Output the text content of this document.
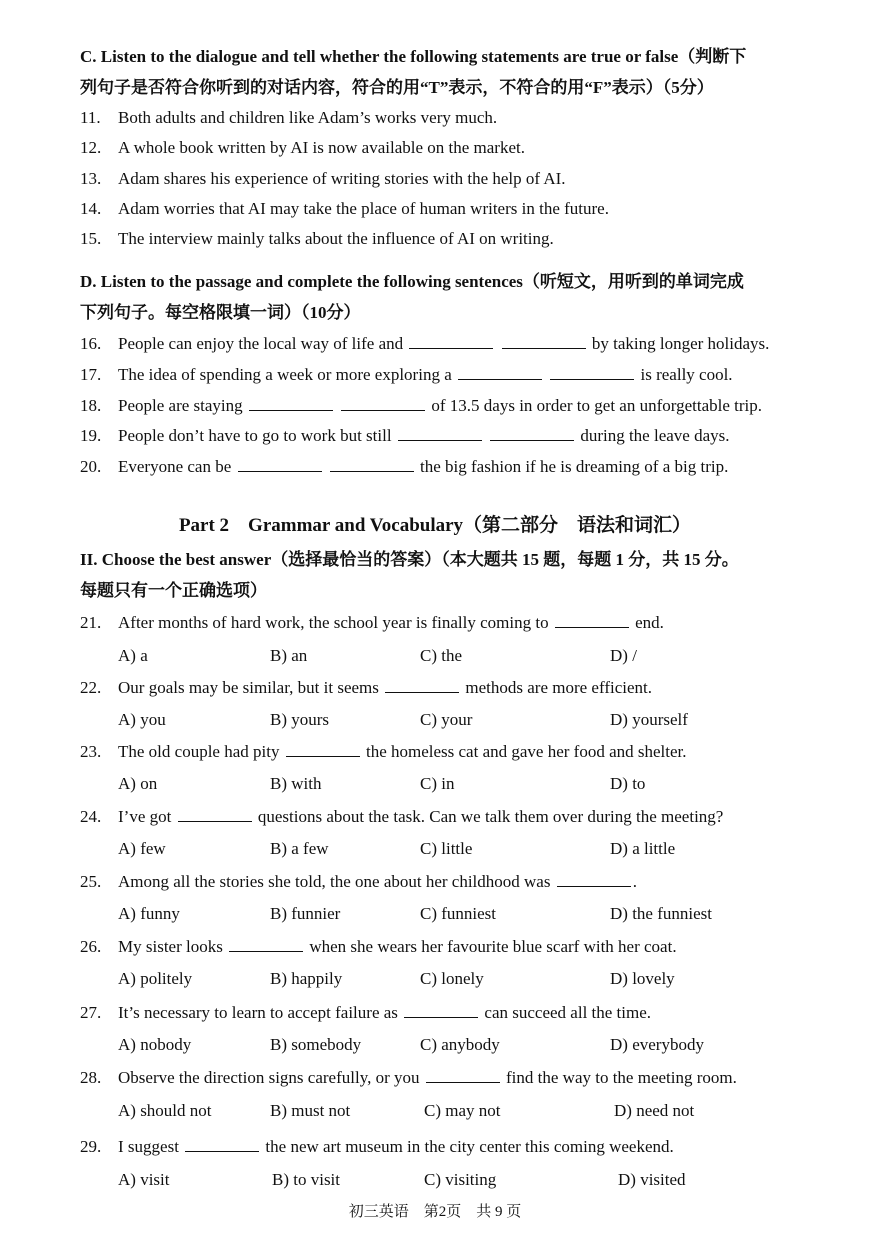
C. Listen to the dialogue and tell whether the following statements are true or false（判断下
列句子是否符合你听到的对话内容，符合的用“T”表示，不符合的用“F”表示）（5分）
11. Both adults and children like Adam’s works very much.
12. A whole book written by AI is now available on the market.
13. Adam shares his experience of writing stories with the help of AI.
14. Adam worries that AI may take the place of human writers in the future.
15. The interview mainly talks about the influence of AI on writing.
D. Listen to the passage and complete the following sentences（听短文，用听到的单词完成
下列句子。每空格限填一词）（10分）
16. People can enjoy the local way of life and	by taking longer holidays.
17. The idea of spending a week or more exploring a	is really cool.
18. People are staying	of 13.5 days in order to get an unforgettable trip.
19. People don’t have to go to work but still	during the leave days.
20. Everyone can be	the big fashion if he is dreaming of a big trip.
Part 2　Grammar and Vocabulary（第二部分　语法和词汇）
II. Choose the best answer（选择最恰当的答案）（本大题共 15 题，每题 1 分，共 15 分。
每题只有一个正确选项）
21. After months of hard work, the school year is finally coming to	end.
A) a	B) an	C) the	D) /
22. Our goals may be similar, but it seems	methods are more efficient.
A) you	B) yours	C) your	D) yourself
23. The old couple had pity	the homeless cat and gave her food and shelter.
A) on	B) with	C) in	D) to
24. I’ve got	questions about the task. Can we talk them over during the meeting?
A) few	B) a few	C) little	D) a little
25. Among all the stories she told, the one about her childhood was	.
A) funny	B) funnier	C) funniest	D) the funniest
26. My sister looks	when she wears her favourite blue scarf with her coat.
A) politely	B) happily	C) lonely	D) lovely
27. It’s necessary to learn to accept failure as	can succeed all the time.
A) nobody	B) somebody	C) anybody	D) everybody
28. Observe the direction signs carefully, or you	find the way to the meeting room.
A) should not	B) must not	C) may not	D) need not
29. I suggest	the new art museum in the city center this coming weekend.
A) visit	B) to visit	C) visiting	D) visited
初三英语　第2页　共 9 页
